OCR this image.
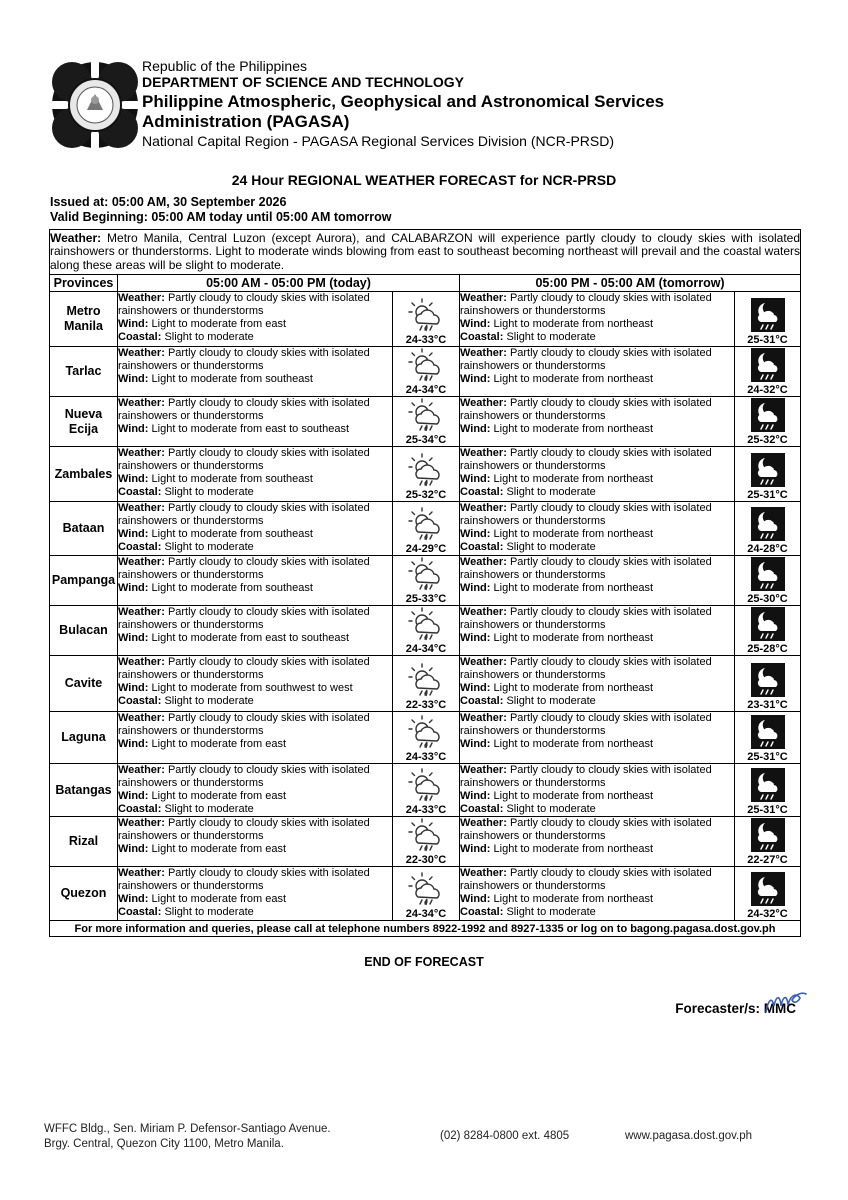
Republic of the Philippines
DEPARTMENT OF SCIENCE AND TECHNOLOGY
Philippine Atmospheric, Geophysical and Astronomical Services
Administration (PAGASA)
National Capital Region - PAGASA Regional Services Division (NCR-PRSD)
24 Hour REGIONAL WEATHER FORECAST for NCR-PRSD
Issued at: 05:00 AM, 30 September 2026
Valid Beginning: 05:00 AM today until 05:00 AM tomorrow
Weather: Metro Manila, Central Luzon (except Aurora), and CALABARZON will experience partly cloudy to cloudy skies with isolated rainshowers or thunderstorms. Light to moderate winds blowing from east to southeast becoming northeast will prevail and the coastal waters along these areas will be slight to moderate.				
Provinces	05:00 AM - 05:00 PM (today)		05:00 PM - 05:00 AM (tomorrow)	
Metro Manila	Weather: Partly cloudy to cloudy skies with isolated rainshowers or thunderstorms
Wind: Light to moderate from east
Coastal: Slight to moderate	24-33°C	Weather: Partly cloudy to cloudy skies with isolated rainshowers or thunderstorms
Wind: Light to moderate from northeast
Coastal: Slight to moderate	25-31°C

Tarlac	Weather: Partly cloudy to cloudy skies with isolated rainshowers or thunderstorms
Wind: Light to moderate from southeast	24-34°C	Weather: Partly cloudy to cloudy skies with isolated rainshowers or thunderstorms
Wind: Light to moderate from northeast	24-32°C

Nueva Ecija	Weather: Partly cloudy to cloudy skies with isolated rainshowers or thunderstorms
Wind: Light to moderate from east to southeast	25-34°C	Weather: Partly cloudy to cloudy skies with isolated rainshowers or thunderstorms
Wind: Light to moderate from northeast	25-32°C

Zambales	Weather: Partly cloudy to cloudy skies with isolated rainshowers or thunderstorms
Wind: Light to moderate from southeast
Coastal: Slight to moderate	25-32°C	Weather: Partly cloudy to cloudy skies with isolated rainshowers or thunderstorms
Wind: Light to moderate from northeast
Coastal: Slight to moderate	25-31°C

Bataan	Weather: Partly cloudy to cloudy skies with isolated rainshowers or thunderstorms
Wind: Light to moderate from southeast
Coastal: Slight to moderate	24-29°C	Weather: Partly cloudy to cloudy skies with isolated rainshowers or thunderstorms
Wind: Light to moderate from northeast
Coastal: Slight to moderate	24-28°C

Pampanga	Weather: Partly cloudy to cloudy skies with isolated rainshowers or thunderstorms
Wind: Light to moderate from southeast	25-33°C	Weather: Partly cloudy to cloudy skies with isolated rainshowers or thunderstorms
Wind: Light to moderate from northeast	25-30°C

Bulacan	Weather: Partly cloudy to cloudy skies with isolated rainshowers or thunderstorms
Wind: Light to moderate from east to southeast	24-34°C	Weather: Partly cloudy to cloudy skies with isolated rainshowers or thunderstorms
Wind: Light to moderate from northeast	25-28°C

Cavite	Weather: Partly cloudy to cloudy skies with isolated rainshowers or thunderstorms
Wind: Light to moderate from southwest to west
Coastal: Slight to moderate	22-33°C	Weather: Partly cloudy to cloudy skies with isolated rainshowers or thunderstorms
Wind: Light to moderate from northeast
Coastal: Slight to moderate	23-31°C

Laguna	Weather: Partly cloudy to cloudy skies with isolated rainshowers or thunderstorms
Wind: Light to moderate from east	24-33°C	Weather: Partly cloudy to cloudy skies with isolated rainshowers or thunderstorms
Wind: Light to moderate from northeast	25-31°C

Batangas	Weather: Partly cloudy to cloudy skies with isolated rainshowers or thunderstorms
Wind: Light to moderate from east
Coastal: Slight to moderate	24-33°C	Weather: Partly cloudy to cloudy skies with isolated rainshowers or thunderstorms
Wind: Light to moderate from northeast
Coastal: Slight to moderate	25-31°C

Rizal	Weather: Partly cloudy to cloudy skies with isolated rainshowers or thunderstorms
Wind: Light to moderate from east	22-30°C	Weather: Partly cloudy to cloudy skies with isolated rainshowers or thunderstorms
Wind: Light to moderate from northeast	22-27°C

Quezon	Weather: Partly cloudy to cloudy skies with isolated rainshowers or thunderstorms
Wind: Light to moderate from east
Coastal: Slight to moderate	24-34°C	Weather: Partly cloudy to cloudy skies with isolated rainshowers or thunderstorms
Wind: Light to moderate from northeast
Coastal: Slight to moderate	24-32°C

For more information and queries, please call at telephone numbers 8922-1992 and 8927-1335 or log on to bagong.pagasa.dost.gov.ph				
END OF FORECAST
Forecaster/s: MMC
WFFC Bldg., Sen. Miriam P. Defensor-Santiago Avenue.
Brgy. Central, Quezon City 1100, Metro Manila.
(02) 8284-0800 ext. 4805	www.pagasa.dost.gov.ph
